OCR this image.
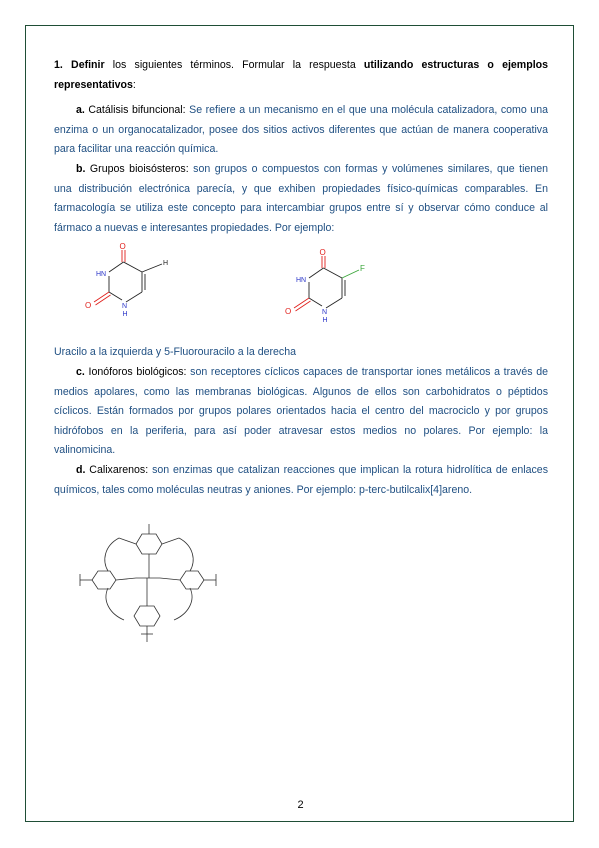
1. Definir los siguientes términos. Formular la respuesta utilizando estructuras o ejemplos representativos:

a. Catálisis bifuncional: Se refiere a un mecanismo en el que una molécula catalizadora, como una enzima o un organocatalizador, posee dos sitios activos diferentes que actúan de manera cooperativa para facilitar una reacción química.

b. Grupos bioisósteros: son grupos o compuestos con formas y volúmenes similares, que tienen una distribución electrónica parecía, y que exhiben propiedades físico-químicas comparables. En farmacología se utiliza este concepto para intercambiar grupos entre sí y observar cómo conduce al fármaco a nuevas e interesantes propiedades. Por ejemplo:

O
HN
O	N
H
H
O
HN
O	N
H
F

Uracilo a la izquierda y 5-Fluorouracilo a la derecha

c. Ionóforos biológicos: son receptores cíclicos capaces de transportar iones metálicos a través de medios apolares, como las membranas biológicas. Algunos de ellos son carbohidratos o péptidos cíclicos. Están formados por grupos polares orientados hacia el centro del macrociclo y por grupos hidrófobos en la periferia, para así poder atravesar estos medios no polares. Por ejemplo: la valinomicina.

d. Calixarenos: son enzimas que catalizan reacciones que implican la rotura hidrolítica de enlaces químicos, tales como moléculas neutras y aniones. Por ejemplo: p-terc-butilcalix[4]areno.

2
